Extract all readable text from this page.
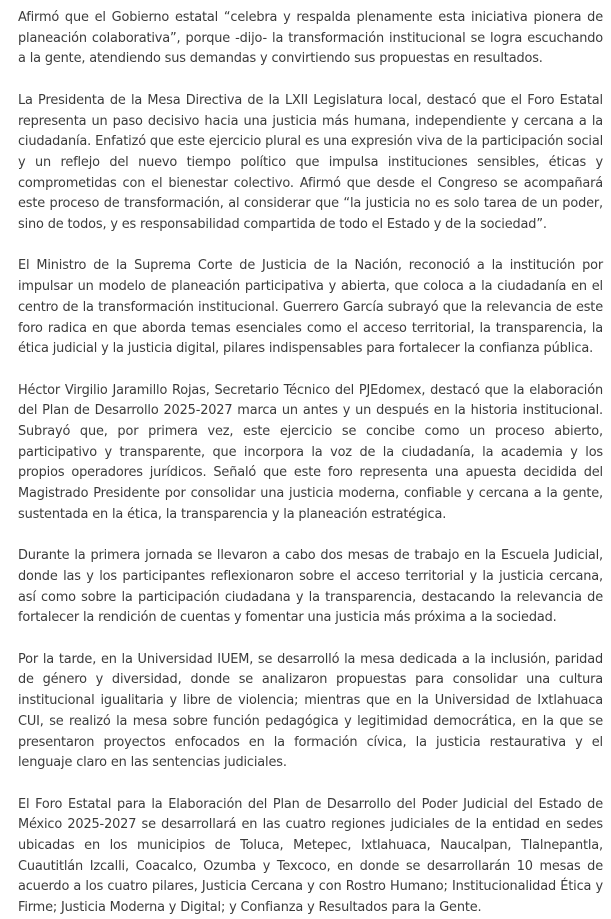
Afirmó que el Gobierno estatal “celebra y respalda plenamente esta iniciativa pionera de planeación colaborativa”, porque -dijo- la transformación institucional se logra escuchando a la gente, atendiendo sus demandas y convirtiendo sus propuestas en resultados.

La Presidenta de la Mesa Directiva de la LXII Legislatura local, destacó que el Foro Estatal representa un paso decisivo hacia una justicia más humana, independiente y cercana a la ciudadanía. Enfatizó que este ejercicio plural es una expresión viva de la participación social y un reflejo del nuevo tiempo político que impulsa instituciones sensibles, éticas y comprometidas con el bienestar colectivo. Afirmó que desde el Congreso se acompañará este proceso de transformación, al considerar que “la justicia no es solo tarea de un poder, sino de todos, y es responsabilidad compartida de todo el Estado y de la sociedad”.

El Ministro de la Suprema Corte de Justicia de la Nación, reconoció a la institución por impulsar un modelo de planeación participativa y abierta, que coloca a la ciudadanía en el centro de la transformación institucional. Guerrero García subrayó que la relevancia de este foro radica en que aborda temas esenciales como el acceso territorial, la transparencia, la ética judicial y la justicia digital, pilares indispensables para fortalecer la confianza pública.

Héctor Virgilio Jaramillo Rojas, Secretario Técnico del PJEdomex, destacó que la elaboración del Plan de Desarrollo 2025-2027 marca un antes y un después en la historia institucional. Subrayó que, por primera vez, este ejercicio se concibe como un proceso abierto, participativo y transparente, que incorpora la voz de la ciudadanía, la academia y los propios operadores jurídicos. Señaló que este foro representa una apuesta decidida del Magistrado Presidente por consolidar una justicia moderna, confiable y cercana a la gente, sustentada en la ética, la transparencia y la planeación estratégica.

Durante la primera jornada se llevaron a cabo dos mesas de trabajo en la Escuela Judicial, donde las y los participantes reflexionaron sobre el acceso territorial y la justicia cercana, así como sobre la participación ciudadana y la transparencia, destacando la relevancia de fortalecer la rendición de cuentas y fomentar una justicia más próxima a la sociedad.

Por la tarde, en la Universidad IUEM, se desarrolló la mesa dedicada a la inclusión, paridad de género y diversidad, donde se analizaron propuestas para consolidar una cultura institucional igualitaria y libre de violencia; mientras que en la Universidad de Ixtlahuaca CUI, se realizó la mesa sobre función pedagógica y legitimidad democrática, en la que se presentaron proyectos enfocados en la formación cívica, la justicia restaurativa y el lenguaje claro en las sentencias judiciales.

El Foro Estatal para la Elaboración del Plan de Desarrollo del Poder Judicial del Estado de México 2025-2027 se desarrollará en las cuatro regiones judiciales de la entidad en sedes ubicadas en los municipios de Toluca, Metepec, Ixtlahuaca, Naucalpan, Tlalnepantla, Cuautitlán Izcalli, Coacalco, Ozumba y Texcoco, en donde se desarrollarán 10 mesas de acuerdo a los cuatro pilares, Justicia Cercana y con Rostro Humano; Institucionalidad Ética y Firme; Justicia Moderna y Digital; y Confianza y Resultados para la Gente.
